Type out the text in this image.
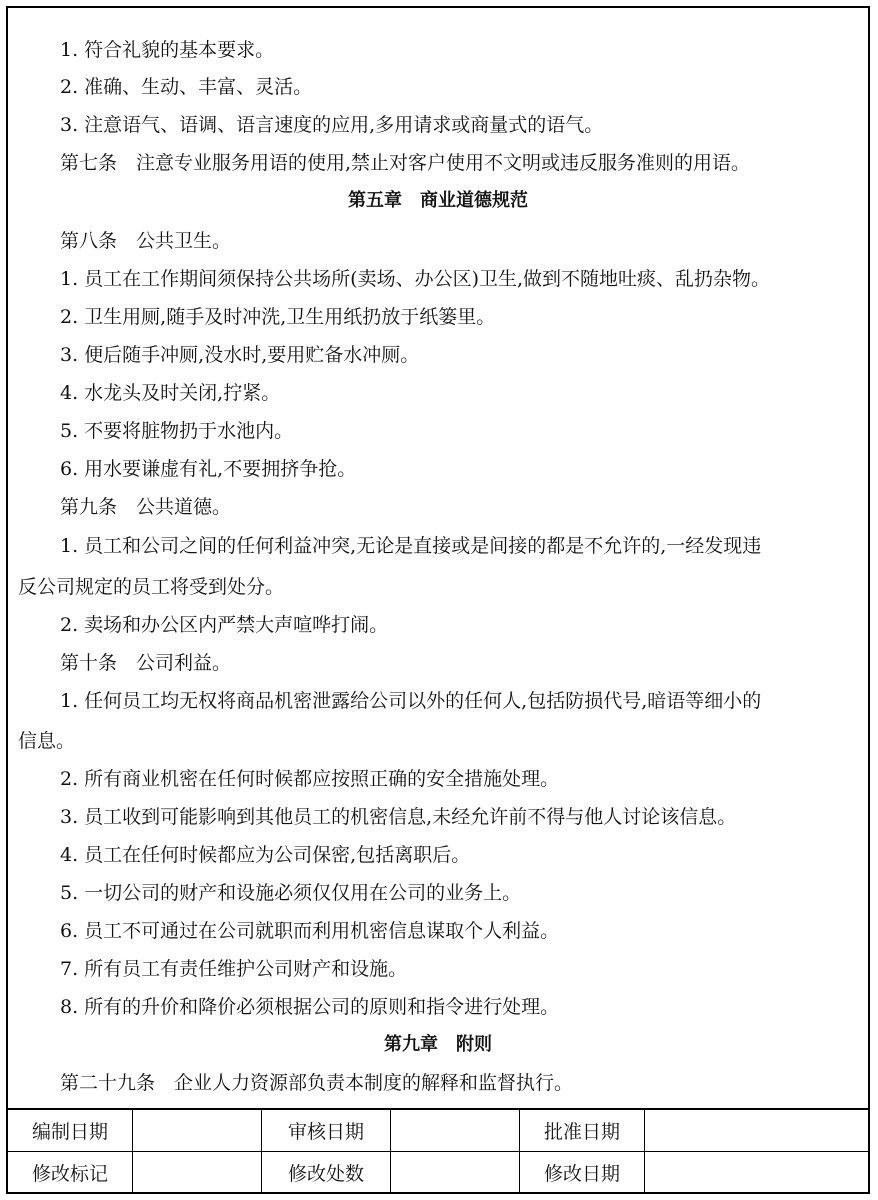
1. 符合礼貌的基本要求。
2. 准确、生动、丰富、灵活。
3. 注意语气、语调、语言速度的应用,多用请求或商量式的语气。
第七条　注意专业服务用语的使用,禁止对客户使用不文明或违反服务准则的用语。
第五章　商业道德规范
第八条　公共卫生。
1. 员工在工作期间须保持公共场所(卖场、办公区)卫生,做到不随地吐痰、乱扔杂物。
2. 卫生用厕,随手及时冲洗,卫生用纸扔放于纸篓里。
3. 便后随手冲厕,没水时,要用贮备水冲厕。
4. 水龙头及时关闭,拧紧。
5. 不要将脏物扔于水池内。
6. 用水要谦虚有礼,不要拥挤争抢。
第九条　公共道德。
1. 员工和公司之间的任何利益冲突,无论是直接或是间接的都是不允许的,一经发现违
反公司规定的员工将受到处分。
2. 卖场和办公区内严禁大声喧哗打闹。
第十条　公司利益。
1. 任何员工均无权将商品机密泄露给公司以外的任何人,包括防损代号,暗语等细小的
信息。
2. 所有商业机密在任何时候都应按照正确的安全措施处理。
3. 员工收到可能影响到其他员工的机密信息,未经允许前不得与他人讨论该信息。
4. 员工在任何时候都应为公司保密,包括离职后。
5. 一切公司的财产和设施必须仅仅用在公司的业务上。
6. 员工不可通过在公司就职而利用机密信息谋取个人利益。
7. 所有员工有责任维护公司财产和设施。
8. 所有的升价和降价必须根据公司的原则和指令进行处理。
第九章　附则
第二十九条　企业人力资源部负责本制度的解释和监督执行。
编制日期		审核日期		批准日期	
修改标记		修改处数		修改日期	
